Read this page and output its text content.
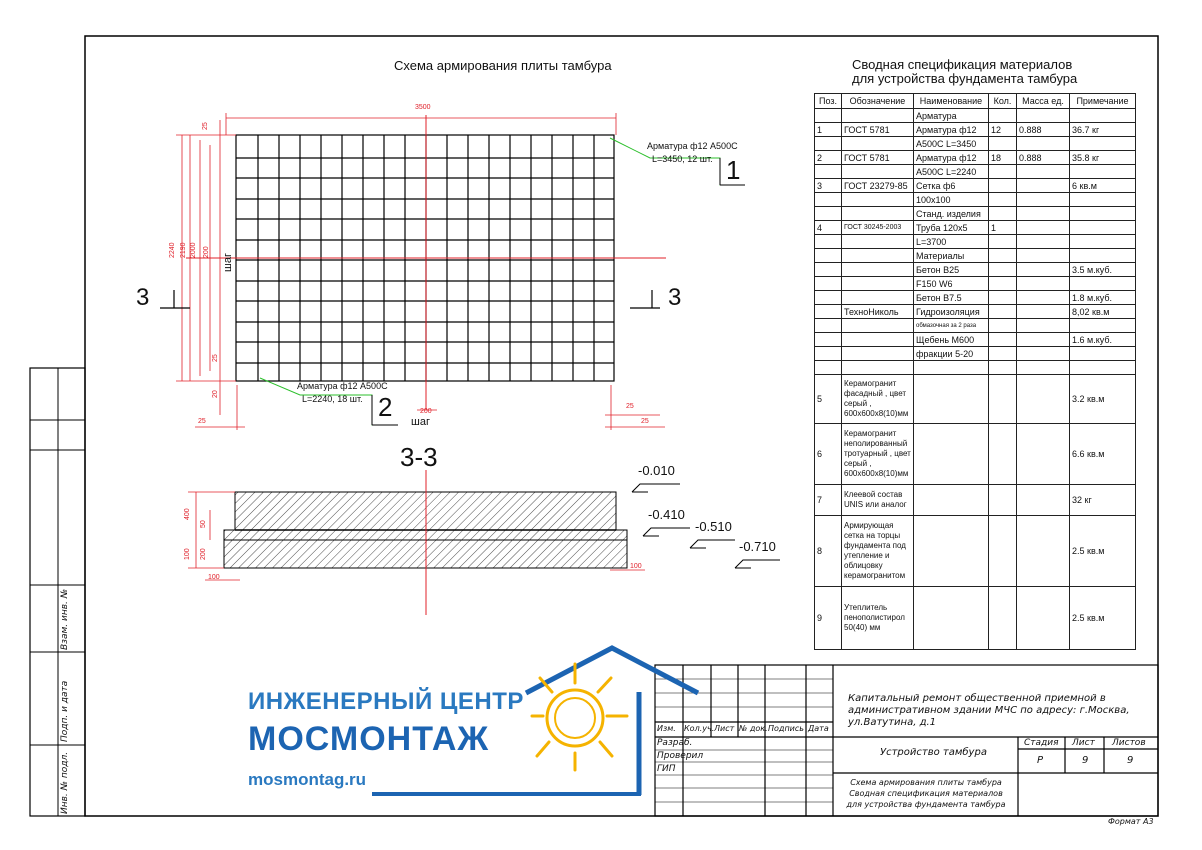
Схема армирования плиты тамбура
3500
Арматура ф12 А500С
L=3450, 12 шт. 1
Арматура ф12 А500С
L=2240, 18 шт. 2
2240 2190 2000 200
шаг
25
25
20
25
200
шаг
25
25
3	3
3-3	-0.010
-0.410
-0.510
-0.710
400
50
100 200
100
100
Сводная спецификация материалов
для устройства фундамента тамбура
Поз.	Обозначение	Наименование	Кол.	Масса ед.	Примечание
		Арматура			
1	ГОСТ 5781	Арматура ф12	12	0.888	36.7 кг
		А500С L=3450			
2	ГОСТ 5781	Арматура ф12	18	0.888	35.8 кг
		А500С L=2240			
3	ГОСТ 23279-85	Сетка ф6			6 кв.м
		100х100			
		Станд. изделия			
4	ГОСТ 30245-2003	Труба 120х5	1		
		L=3700			
		Материалы			
		Бетон В25			3.5 м.куб.
		F150 W6			
		Бетон В7.5			1.8 м.куб.
	ТехноНиколь	Гидроизоляция			8,02 кв.м
		обмазочная за 2 раза			
		Щебень М600			1.6 м.куб.
		фракции 5-20			

5	Керамогранит фасадный , цвет серый , 600х600х8(10)мм				3.2 кв.м
6	Керамогранит неполированный тротуарный , цвет серый , 600х600х8(10)мм				6.6 кв.м
7	Клеевой состав UNIS или аналог				32 кг
8	Армирующая сетка на торцы фундамента под утепление и облицовку керамогранитом				2.5 кв.м
9	Утеплитель пенополистирол 50(40) мм				2.5 кв.м
Капитальный ремонт общественной приемной в административном здании МЧС по адресу: г.Москва, ул.Ватутина, д.1
Изм. Кол.уч. Лист № док. Подпись Дата
Разраб.
Проверил
ГИП
Устройство тамбура
Стадия Лист Листов
Р	9	9
Схема армирования плиты тамбура
Сводная спецификация материалов
для устройства фундамента тамбура
Формат А3
Взам. инв. №
Подп. и дата
Инв. № подл.
ИНЖЕНЕРНЫЙ ЦЕНТР
МОСМОНТАЖ
mosmontag.ru
